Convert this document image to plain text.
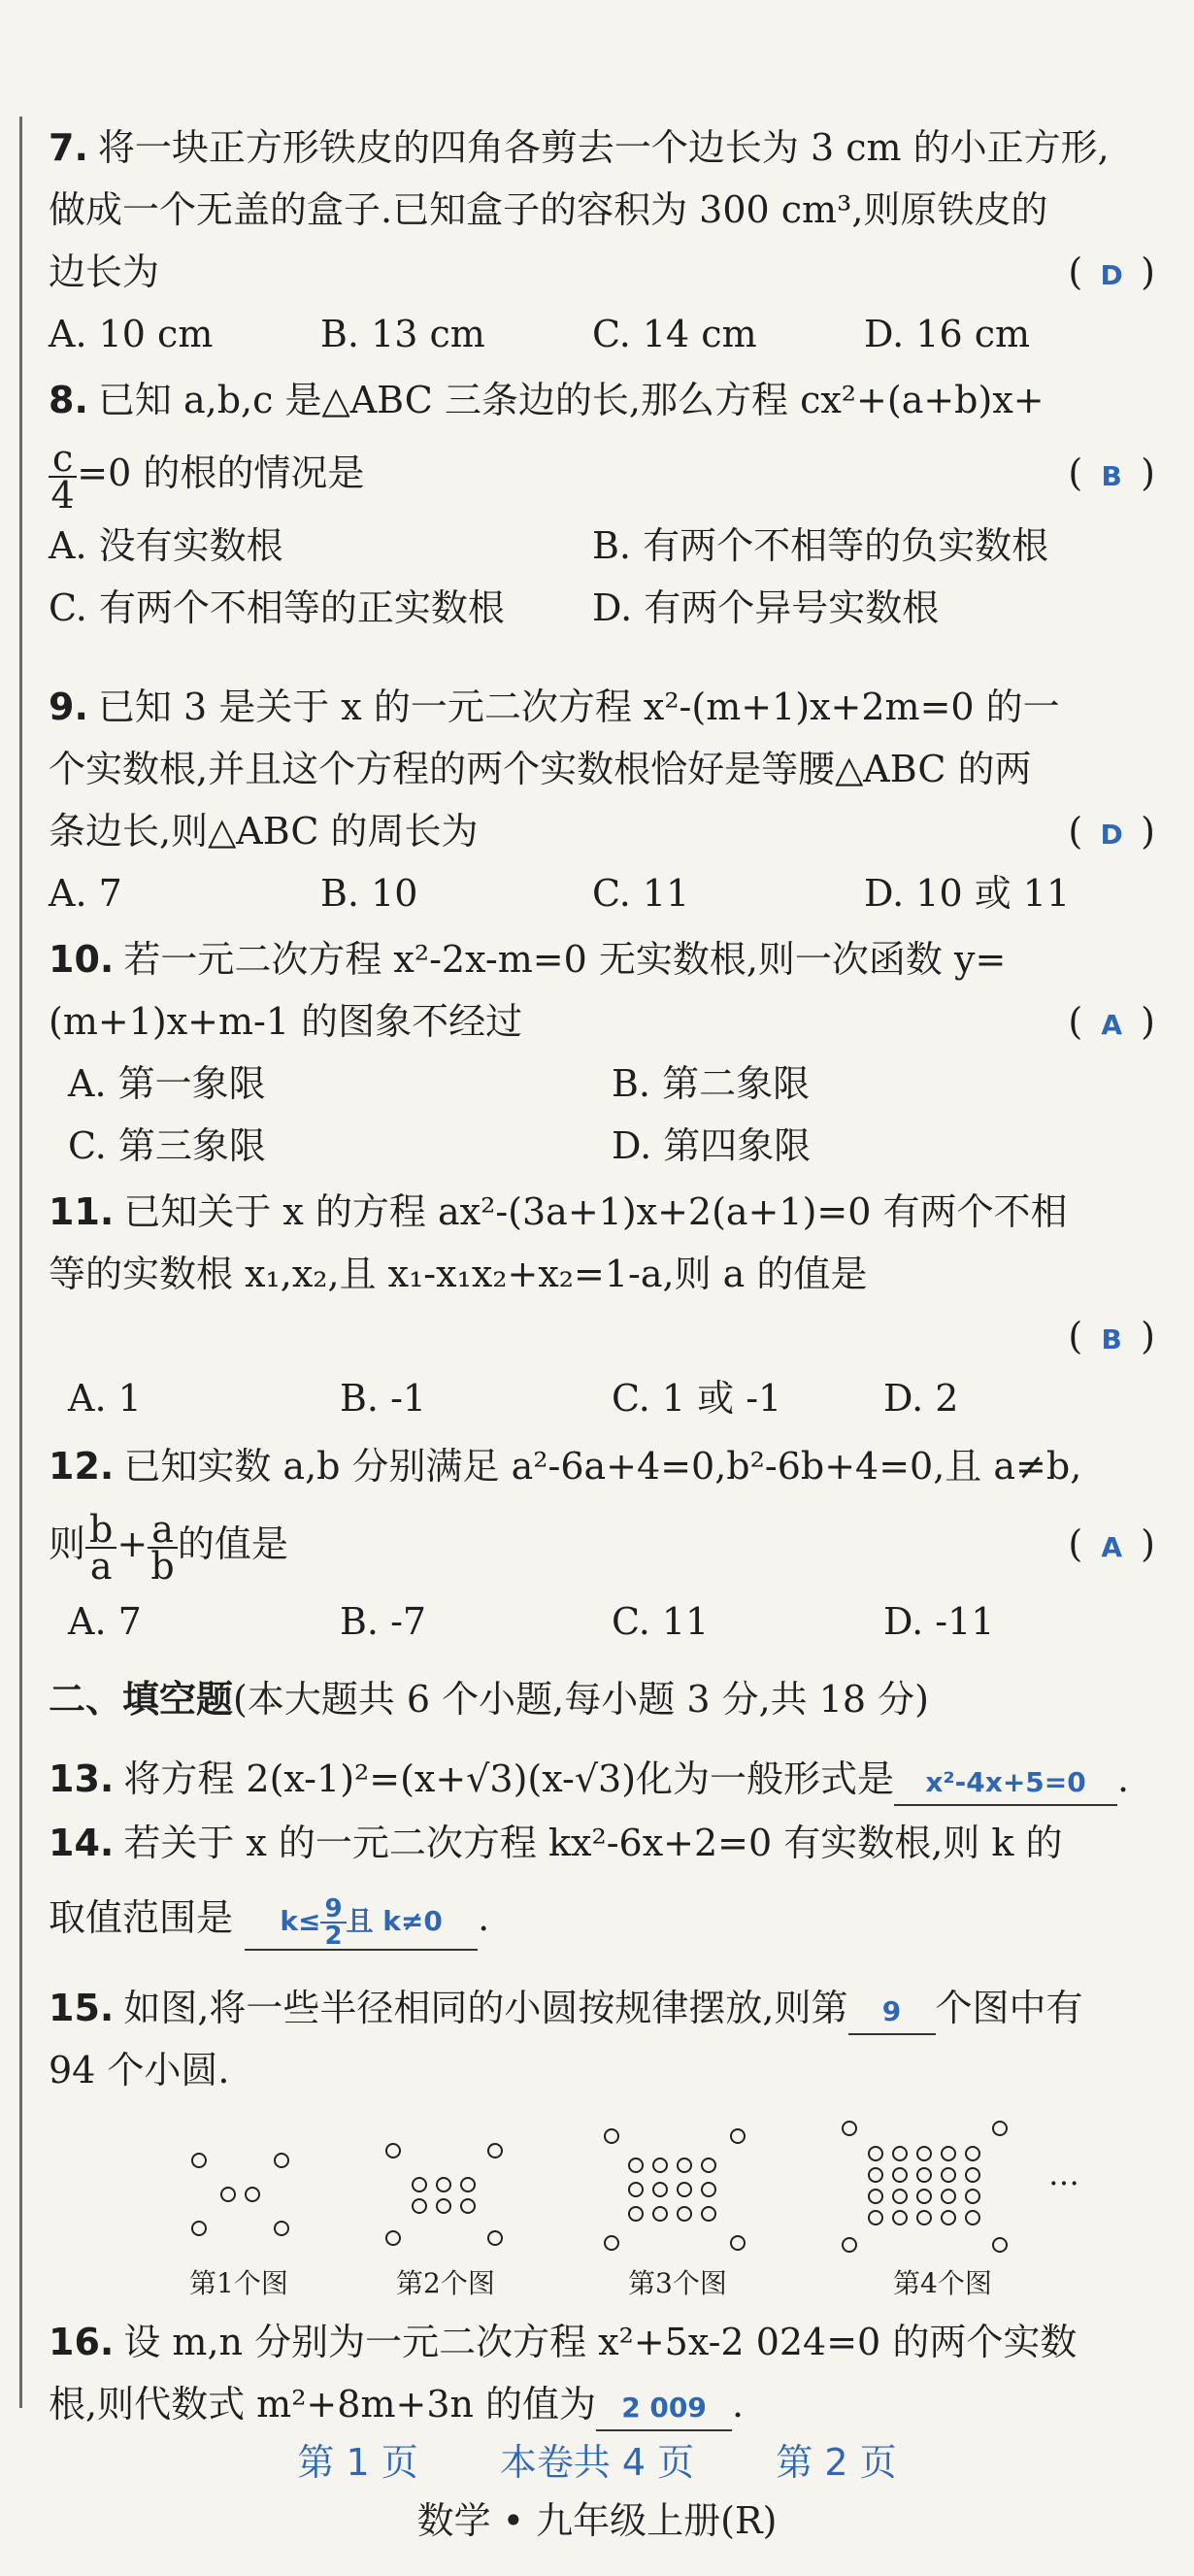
7. 将一块正方形铁皮的四角各剪去一个边长为 3 cm 的小正方形,
做成一个无盖的盒子.已知盒子的容积为 300 cm³,则原铁皮的
边长为	( D )
A. 10 cm	B. 13 cm	C. 14 cm	D. 16 cm
8. 已知 a,b,c 是△ABC 三条边的长,那么方程 cx²+(a+b)x+
$\frac{c}{4} =0$ 的根的情况是	( B )
A. 没有实数根	B. 有两个不相等的负实数根
C. 有两个不相等的正实数根	D. 有两个异号实数根
9. 已知 3 是关于 x 的一元二次方程 x²-(m+1)x+2m=0 的一
个实数根,并且这个方程的两个实数根恰好是等腰△ABC 的两
条边长,则△ABC 的周长为	( D )
A. 7	B. 10	C. 11	D. 10 或 11
10. 若一元二次方程 x²-2x-m=0 无实数根,则一次函数 y=
(m+1)x+m-1 的图象不经过	( A )
A. 第一象限	B. 第二象限
C. 第三象限	D. 第四象限
11. 已知关于 x 的方程 ax²-(3a+1)x+2(a+1)=0 有两个不相
等的实数根 x₁,x₂,且 x₁-x₁x₂+x₂=1-a,则 a 的值是
( B )
A. 1	B. -1	C. 1 或 -1	D. 2
12. 已知实数 a,b 分别满足 a²-6a+4=0,b²-6b+4=0,且 a≠b,
则 $\frac{b}{a} + \frac{a}{b}$ 的值是	( A )
A. 7	B. -7	C. 11	D. -11
二、填空题(本大题共 6 个小题,每小题 3 分,共 18 分)
13. 将方程 2(x-1)²=(x+√3)(x-√3)化为一般形式是 x²-4x+5=0 .
14. 若关于 x 的一元二次方程 kx²-6x+2=0 有实数根,则 k 的
取值范围是 $k\le \frac{9}{2}$ 且 k≠0 .
15. 如图,将一些半径相同的小圆按规律摆放,则第 9 个图中有
94 个小圆.
…
第1个图	第2个图	第3个图	第4个图
16. 设 m,n 分别为一元二次方程 x²+5x-2 024=0 的两个实数
根,则代数式 m²+8m+3n 的值为 2 009 .
第 1 页 本卷共 4 页 第 2 页
数学 • 九年级上册(R)
